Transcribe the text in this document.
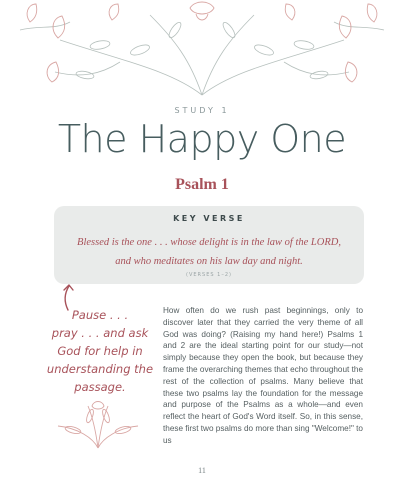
STUDY 1
The Happy One
Psalm 1
KEY VERSE
Blessed is the one . . . whose delight is in the law of the LORD,
and who meditates on his law day and night.
(VERSES 1–2)
Pause . . .
pray . . . and ask
God for help in
understanding the
passage.
How often do we rush past beginnings, only to discover later that they carried the very theme of all God was doing? (Raising my hand here!) Psalms 1 and 2 are the ideal starting point for our study—not simply because they open the book, but because they frame the overarching themes that echo throughout the rest of the collection of psalms. Many believe that these two psalms lay the foundation for the message and purpose of the Psalms as a whole—and even reflect the heart of God's Word itself. So, in this sense, these first two psalms do more than sing "Welcome!" to us
11
